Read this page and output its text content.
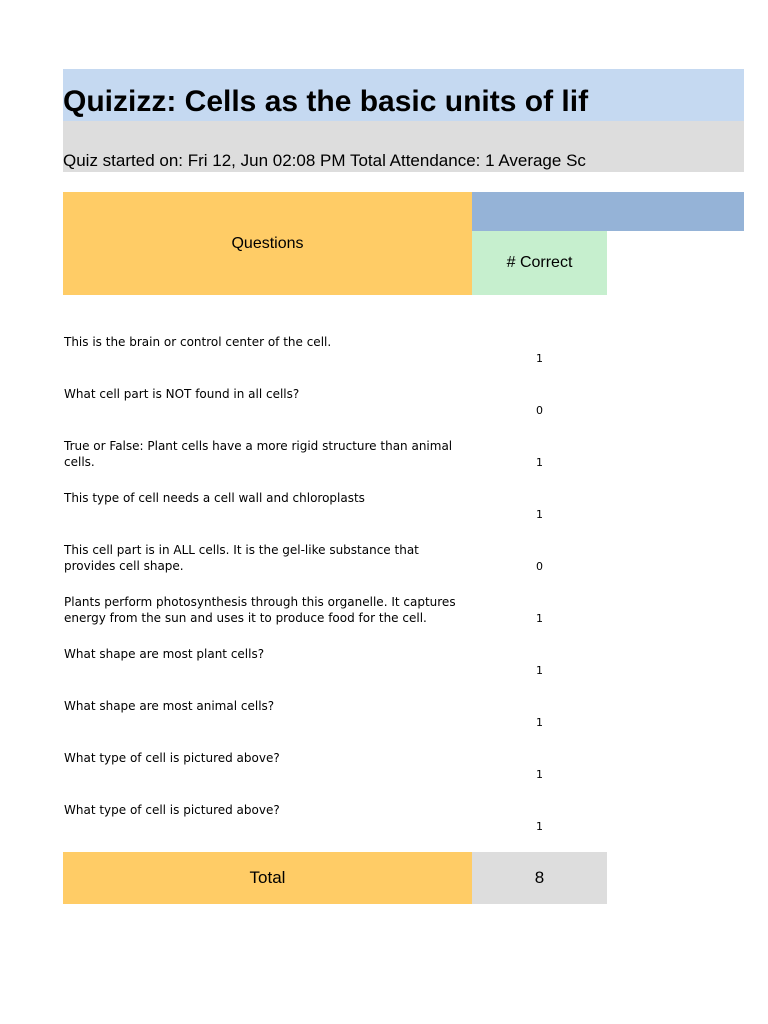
Quizizz: Cells as the basic units of lif
Quiz started on: Fri 12, Jun 02:08 PM Total Attendance: 1 Average Sc
Questions
# Correct
This is the brain or control center of the cell.
1
What cell part is NOT found in all cells?
0
True or False: Plant cells have a more rigid structure than animal cells.	1
This type of cell needs a cell wall and chloroplasts
1
This cell part is in ALL cells. It is the gel-like substance that provides cell shape.	0
Plants perform photosynthesis through this organelle. It captures energy from the sun and uses it to produce food for the cell.	1
What shape are most plant cells?
1
What shape are most animal cells?
1
What type of cell is pictured above?
1
What type of cell is pictured above?
1
Total	8
